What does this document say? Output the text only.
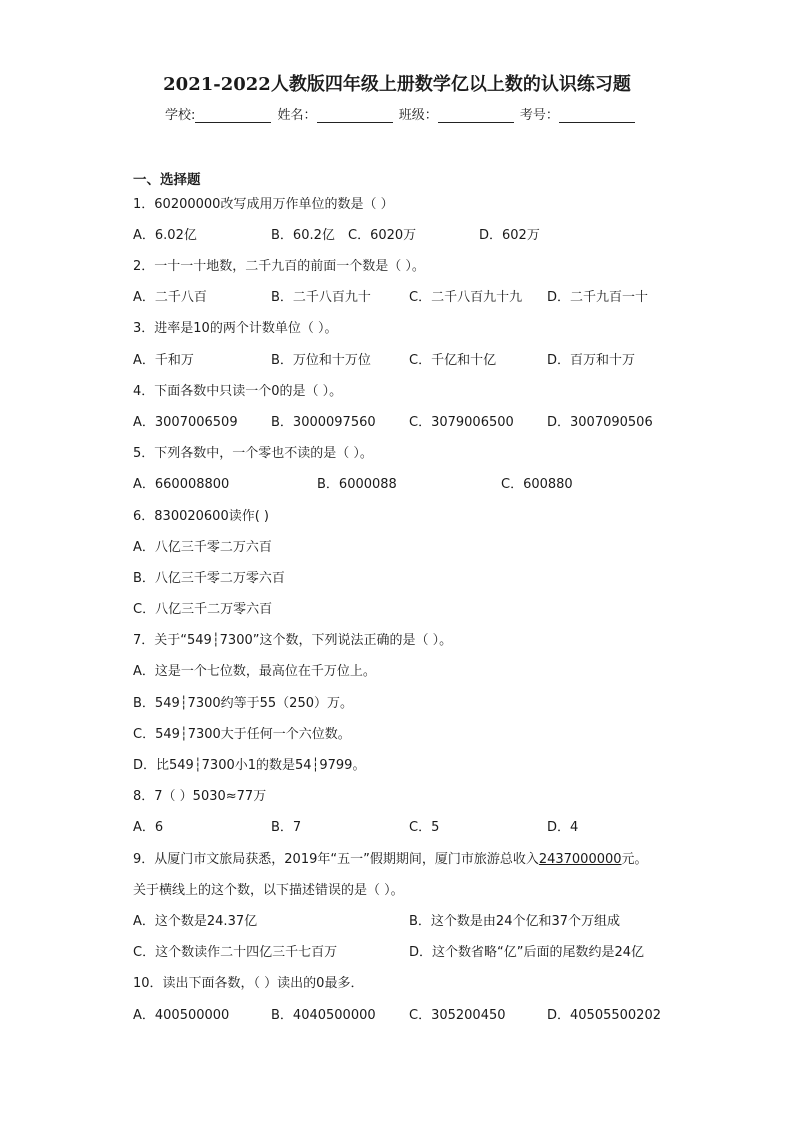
2021-2022人教版四年级上册数学亿以上数的认识练习题
学校:	姓名：	班级：	考号：
一、选择题
1．60200000改写成用万作单位的数是（ ）
A．6.02亿	B．60.2亿 C．6020万	D．602万
2．一十一十地数，二千九百的前面一个数是（ ）。
A．二千八百	B．二千八百九十	C．二千八百九十九 D．二千九百一十
3．进率是10的两个计数单位（ ）。
A．千和万	B．万位和十万位	C．千亿和十亿	D．百万和十万
4．下面各数中只读一个0的是（ ）。
A．3007006509	B．3000097560	C．3079006500	D．3007090506
5．下列各数中，一个零也不读的是（ ）。
A．660008800	B．6000088	C．600880
6．830020600读作( )
A．八亿三千零二万六百
B．八亿三千零二万零六百
C．八亿三千二万零六百
7．关于“549┆7300”这个数，下列说法正确的是（ ）。
A．这是一个七位数，最高位在千万位上。
B．549┆7300约等于55（250）万。
C．549┆7300大于任何一个六位数。
D．比549┆7300小1的数是54┆9799。
8．7（ ）5030≈77万
A．6	B．7	C．5	D．4
9．从厦门市文旅局获悉，2019年“五一”假期期间，厦门市旅游总收入2437000000元。
关于横线上的这个数，以下描述错误的是（ ）。
A．这个数是24.37亿	B．这个数是由24个亿和37个万组成
C．这个数读作二十四亿三千七百万	D．这个数省略“亿”后面的尾数约是24亿
10．读出下面各数，（ ）读出的0最多．
A．400500000	B．4040500000	C．305200450	D．40505500202
